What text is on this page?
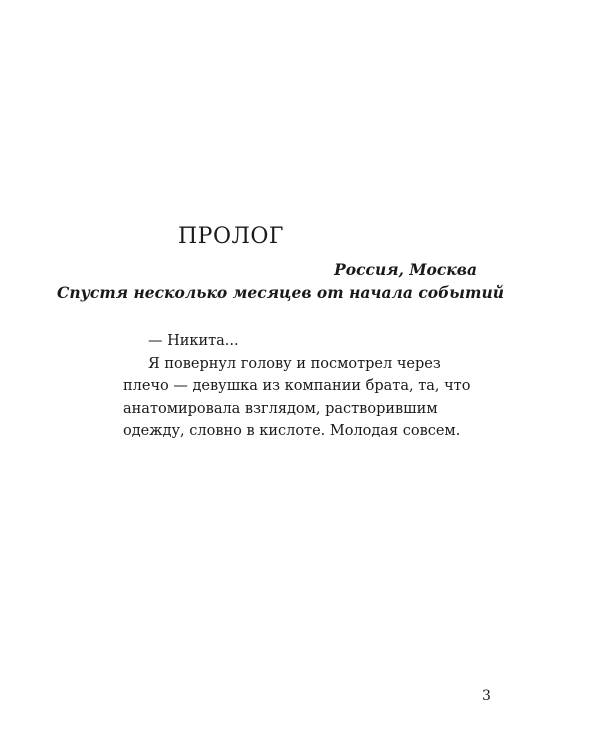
ПРОЛОГ

Россия, Москва

Спустя несколько месяцев от начала событий

— Никита...

Я повернул голову и посмотрел через плечо — девушка из компании брата, та, что анатомировала взглядом, растворившим одежду, словно в кислоте. Молодая совсем.

3
